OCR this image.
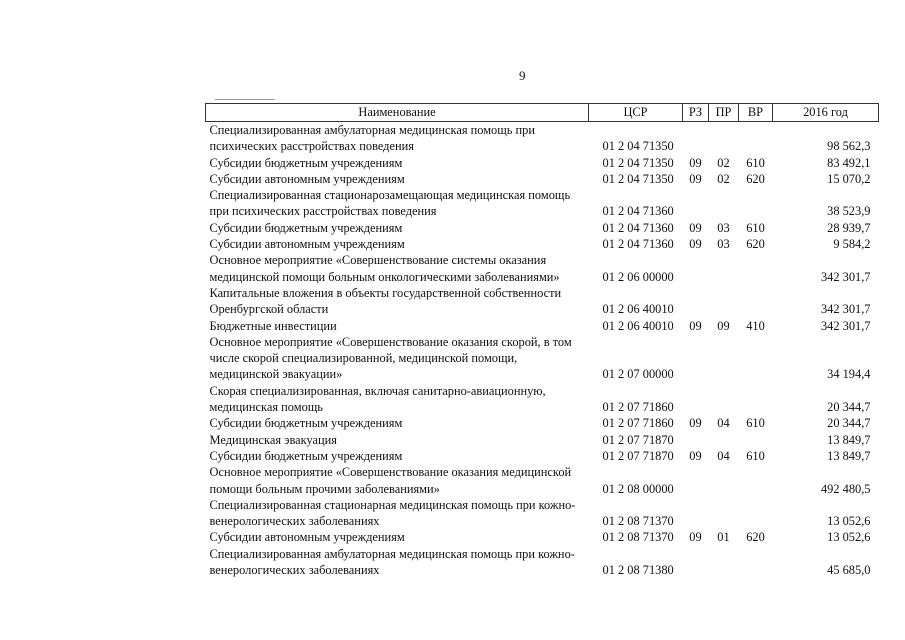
9
Наименование	ЦСР	РЗ	ПР	ВР	2016 год
Специализированная амбулаторная медицинская помощь при психических расстройствах поведения	01 2 04 71350				98 562,3
Субсидии бюджетным учреждениям	01 2 04 71350	09	02	610	83 492,1
Субсидии автономным учреждениям	01 2 04 71350	09	02	620	15 070,2
Специализированная стационарозамещающая медицинская помощь при психических расстройствах поведения	01 2 04 71360				38 523,9
Субсидии бюджетным учреждениям	01 2 04 71360	09	03	610	28 939,7
Субсидии автономным учреждениям	01 2 04 71360	09	03	620	9 584,2
Основное мероприятие «Совершенствование системы оказания медицинской помощи больным онкологическими заболеваниями»	01 2 06 00000				342 301,7
Капитальные вложения в объекты государственной собственности Оренбургской области	01 2 06 40010				342 301,7
Бюджетные инвестиции	01 2 06 40010	09	09	410	342 301,7
Основное мероприятие «Совершенствование оказания скорой, в том числе скорой специализированной, медицинской помощи, медицинской эвакуации»	01 2 07 00000				34 194,4
Скорая специализированная, включая санитарно-авиационную, медицинская помощь	01 2 07 71860				20 344,7
Субсидии бюджетным учреждениям	01 2 07 71860	09	04	610	20 344,7
Медицинская эвакуация	01 2 07 71870				13 849,7
Субсидии бюджетным учреждениям	01 2 07 71870	09	04	610	13 849,7
Основное мероприятие «Совершенствование оказания медицинской помощи больным прочими заболеваниями»	01 2 08 00000				492 480,5
Специализированная стационарная медицинская помощь при кожно-венерологических заболеваниях	01 2 08 71370				13 052,6
Субсидии автономным учреждениям	01 2 08 71370	09	01	620	13 052,6
Специализированная амбулаторная медицинская помощь при кожно-венерологических заболеваниях	01 2 08 71380				45 685,0
